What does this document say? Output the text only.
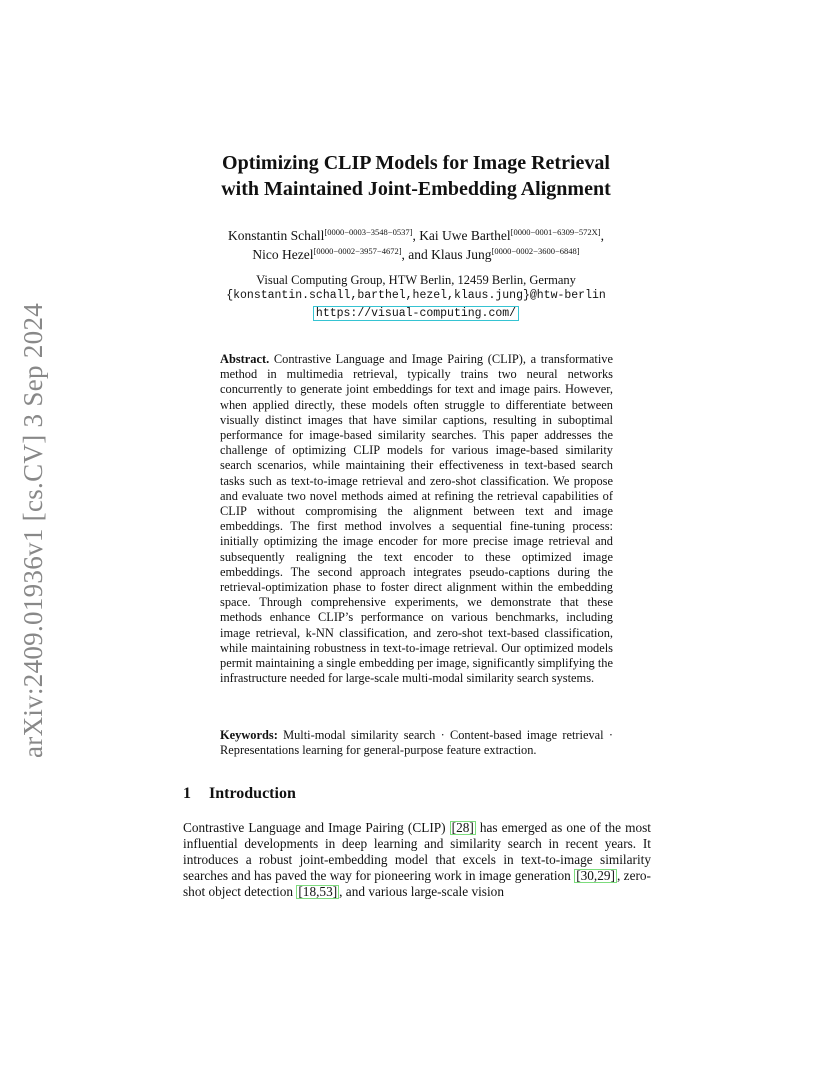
arXiv:2409.01936v1 [cs.CV] 3 Sep 2024
Optimizing CLIP Models for Image Retrieval
with Maintained Joint-Embedding Alignment
Konstantin Schall[0000−0003−3548−0537], Kai Uwe Barthel[0000−0001−6309−572X],
Nico Hezel[0000−0002−3957−4672], and Klaus Jung[0000−0002−3600−6848]
Visual Computing Group, HTW Berlin, 12459 Berlin, Germany
{konstantin.schall,barthel,hezel,klaus.jung}@htw-berlin
https://visual-computing.com/

Abstract. Contrastive Language and Image Pairing (CLIP), a transformative method in multimedia retrieval, typically trains two neural networks concurrently to generate joint embeddings for text and image pairs. However, when applied directly, these models often struggle to differentiate between visually distinct images that have similar captions, resulting in suboptimal performance for image-based similarity searches. This paper addresses the challenge of optimizing CLIP models for various image-based similarity search scenarios, while maintaining their effectiveness in text-based search tasks such as text-to-image retrieval and zero-shot classification. We propose and evaluate two novel methods aimed at refining the retrieval capabilities of CLIP without compromising the alignment between text and image embeddings. The first method involves a sequential fine-tuning process: initially optimizing the image encoder for more precise image retrieval and subsequently realigning the text encoder to these optimized image embeddings. The second approach integrates pseudo-captions during the retrieval-optimization phase to foster direct alignment within the embedding space. Through comprehensive experiments, we demonstrate that these methods enhance CLIP’s performance on various benchmarks, including image retrieval, k-NN classification, and zero-shot text-based classification, while maintaining robustness in text-to-image retrieval. Our optimized models permit maintaining a single embedding per image, significantly simplifying the infrastructure needed for large-scale multi-modal similarity search systems.

Keywords: Multi-modal similarity search · Content-based image retrieval · Representations learning for general-purpose feature extraction.

1 Introduction

Contrastive Language and Image Pairing (CLIP) [28] has emerged as one of the most influential developments in deep learning and similarity search in recent years. It introduces a robust joint-embedding model that excels in text-to-image similarity searches and has paved the way for pioneering work in image generation [30,29] , zero-shot object detection [18,53] , and various large-scale vision
